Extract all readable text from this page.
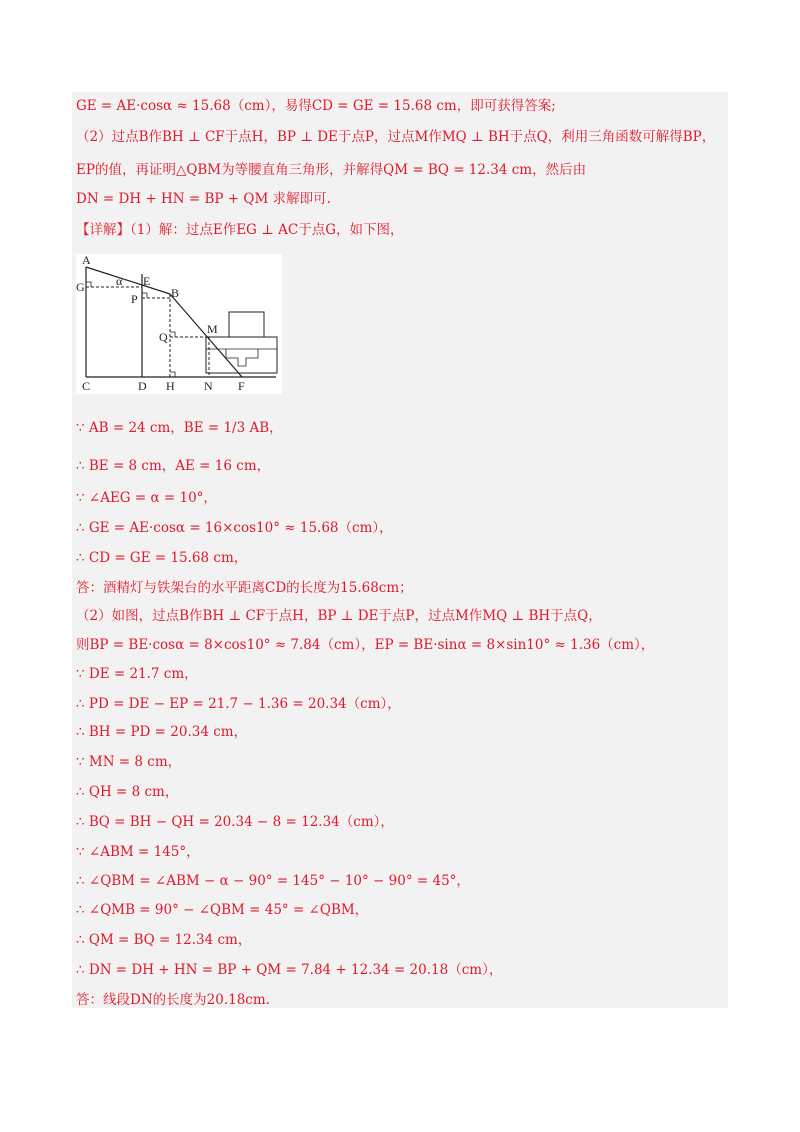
GE = AE·cosα ≈ 15.68（cm），易得CD = GE = 15.68 cm，即可获得答案;
（2）过点B作BH ⊥ CF于点H，BP ⊥ DE于点P，过点M作MQ ⊥ BH于点Q，利用三角函数可解得BP，
EP的值，再证明△QBM为等腰直角三角形，并解得QM = BQ = 12.34 cm，然后由
DN = DH + HN = BP + QM 求解即可.
【详解】（1）解：过点E作EG ⊥ AC于点G，如下图，
A
G	α E
B
P
M
Q
C	D H N F
∵ AB = 24 cm，BE = 1/3 AB，
∴ BE = 8 cm，AE = 16 cm，
∵ ∠AEG = α = 10°，
∴ GE = AE·cosα = 16×cos10° ≈ 15.68（cm），
∴ CD = GE = 15.68 cm，
答：酒精灯与铁架台的水平距离CD的长度为15.68cm；
（2）如图，过点B作BH ⊥ CF于点H，BP ⊥ DE于点P，过点M作MQ ⊥ BH于点Q，
则BP = BE·cosα = 8×cos10° ≈ 7.84（cm），EP = BE·sinα = 8×sin10° ≈ 1.36（cm），
∵ DE = 21.7 cm，
∴ PD = DE − EP = 21.7 − 1.36 = 20.34（cm），
∴ BH = PD = 20.34 cm，
∵ MN = 8 cm，
∴ QH = 8 cm，
∴ BQ = BH − QH = 20.34 − 8 = 12.34（cm），
∵ ∠ABM = 145°，
∴ ∠QBM = ∠ABM − α − 90° = 145° − 10° − 90° = 45°，
∴ ∠QMB = 90° − ∠QBM = 45° = ∠QBM，
∴ QM = BQ = 12.34 cm，
∴ DN = DH + HN = BP + QM = 7.84 + 12.34 = 20.18（cm），
答：线段DN的长度为20.18cm.
